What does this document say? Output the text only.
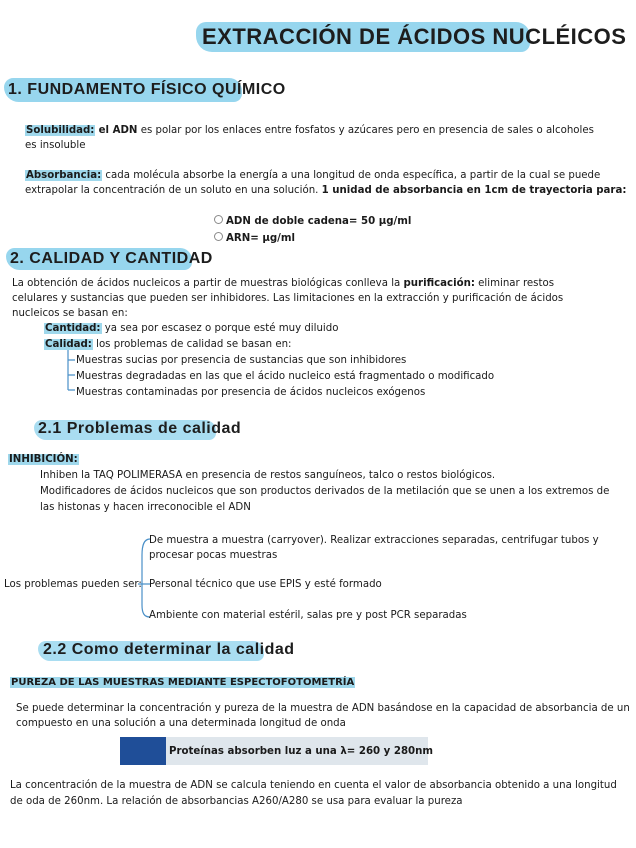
EXTRACCIÓN DE ÁCIDOS NUCLÉICOS
1. FUNDAMENTO FÍSICO QUÍMICO
Solubilidad: el ADN es polar por los enlaces entre fosfatos y azúcares pero en presencia de sales o alcoholes
es insoluble
Absorbancia: cada molécula absorbe la energía a una longitud de onda específica, a partir de la cual se puede
extrapolar la concentración de un soluto en una solución. 1 unidad de absorbancia en 1cm de trayectoria para:
ADN de doble cadena= 50 µg/ml
ARN= µg/ml
2. CALIDAD Y CANTIDAD
La obtención de ácidos nucleicos a partir de muestras biológicas conlleva la purificación: eliminar restos
celulares y sustancias que pueden ser inhibidores. Las limitaciones en la extracción y purificación de ácidos
nucleicos se basan en:
Cantidad: ya sea por escasez o porque esté muy diluido
Calidad: los problemas de calidad se basan en:
Muestras sucias por presencia de sustancias que son inhibidores
Muestras degradadas en las que el ácido nucleico está fragmentado o modificado
Muestras contaminadas por presencia de ácidos nucleicos exógenos
2.1 Problemas de calidad
INHIBICIÓN:
Inhiben la TAQ POLIMERASA en presencia de restos sanguíneos, talco o restos biológicos.
Modificadores de ácidos nucleicos que son productos derivados de la metilación que se unen a los extremos de
las histonas y hacen irreconocible el ADN
Los problemas pueden ser:
De muestra a muestra (carryover). Realizar extracciones separadas, centrifugar tubos y
procesar pocas muestras
Personal técnico que use EPIS y esté formado
Ambiente con material estéril, salas pre y post PCR separadas
2.2 Como determinar la calidad
PUREZA DE LAS MUESTRAS MEDIANTE ESPECTOFOTOMETRÍA
Se puede determinar la concentración y pureza de la muestra de ADN basándose en la capacidad de absorbancia de un
compuesto en una solución a una determinada longitud de onda
Proteínas absorben luz a una λ= 260 y 280nm
La concentración de la muestra de ADN se calcula teniendo en cuenta el valor de absorbancia obtenido a una longitud
de oda de 260nm. La relación de absorbancias A260/A280 se usa para evaluar la pureza
